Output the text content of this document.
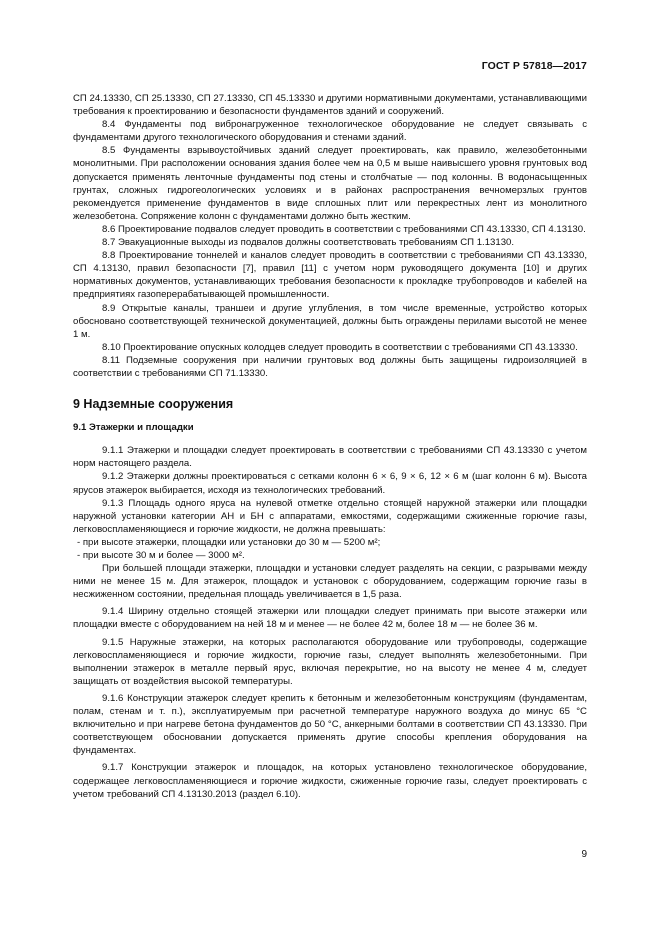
ГОСТ Р 57818—2017

СП 24.13330, СП 25.13330, СП 27.13330, СП 45.13330 и другими нормативными документами, устанавливающими требования к проектированию и безопасности фундаментов зданий и сооружений.

8.4 Фундаменты под вибронагруженное технологическое оборудование не следует связывать с фундаментами другого технологического оборудования и стенами зданий.

8.5 Фундаменты взрывоустойчивых зданий следует проектировать, как правило, железобетонными монолитными. При расположении основания здания более чем на 0,5 м выше наивысшего уровня грунтовых вод допускается применять ленточные фундаменты под стены и столбчатые — под колонны. В водонасыщенных грунтах, сложных гидрогеологических условиях и в районах распространения вечномерзлых грунтов рекомендуется применение фундаментов в виде сплошных плит или перекрестных лент из монолитного железобетона. Сопряжение колонн с фундаментами должно быть жестким.

8.6 Проектирование подвалов следует проводить в соответствии с требованиями СП 43.13330, СП 4.13130.

8.7 Эвакуационные выходы из подвалов должны соответствовать требованиям СП 1.13130.

8.8 Проектирование тоннелей и каналов следует проводить в соответствии с требованиями СП 43.13330, СП 4.13130, правил безопасности [7], правил [11] с учетом норм руководящего документа [10] и других нормативных документов, устанавливающих требования безопасности к прокладке трубопроводов и кабелей на предприятиях газоперерабатывающей промышленности.

8.9 Открытые каналы, траншеи и другие углубления, в том числе временные, устройство которых обосновано соответствующей технической документацией, должны быть ограждены перилами высотой не менее 1 м.

8.10 Проектирование опускных колодцев следует проводить в соответствии с требованиями СП 43.13330.

8.11 Подземные сооружения при наличии грунтовых вод должны быть защищены гидроизоляцией в соответствии с требованиями СП 71.13330.

9 Надземные сооружения

9.1 Этажерки и площадки

9.1.1 Этажерки и площадки следует проектировать в соответствии с требованиями СП 43.13330 с учетом норм настоящего раздела.

9.1.2 Этажерки должны проектироваться с сетками колонн 6 × 6, 9 × 6, 12 × 6 м (шаг колонн 6 м). Высота ярусов этажерок выбирается, исходя из технологических требований.

9.1.3 Площадь одного яруса на нулевой отметке отдельно стоящей наружной этажерки или площадки наружной установки категории АН и БН с аппаратами, емкостями, содержащими сжиженные горючие газы, легковоспламеняющиеся и горючие жидкости, не должна превышать:

- при высоте этажерки, площадки или установки до 30 м — 5200 м²;

- при высоте 30 м и более — 3000 м².

При большей площади этажерки, площадки и установки следует разделять на секции, с разрывами между ними не менее 15 м. Для этажерок, площадок и установок с оборудованием, содержащим горючие газы в несжиженном состоянии, предельная площадь увеличивается в 1,5 раза.

9.1.4 Ширину отдельно стоящей этажерки или площадки следует принимать при высоте этажерки или площадки вместе с оборудованием на ней 18 м и менее — не более 42 м, более 18 м — не более 36 м.

9.1.5 Наружные этажерки, на которых располагаются оборудование или трубопроводы, содержащие легковоспламеняющиеся и горючие жидкости, горючие газы, следует выполнять железобетонными. При выполнении этажерок в металле первый ярус, включая перекрытие, но на высоту не менее 4 м, следует защищать от воздействия высокой температуры.

9.1.6 Конструкции этажерок следует крепить к бетонным и железобетонным конструкциям (фундаментам, полам, стенам и т. п.), эксплуатируемым при расчетной температуре наружного воздуха до минус 65 °С включительно и при нагреве бетона фундаментов до 50 °С, анкерными болтами в соответствии СП 43.13330. При соответствующем обосновании допускается применять другие способы крепления оборудования на фундаментах.

9.1.7 Конструкции этажерок и площадок, на которых установлено технологическое оборудование, содержащее легковоспламеняющиеся и горючие жидкости, сжиженные горючие газы, следует проектировать с учетом требований СП 4.13130.2013 (раздел 6.10).

9
